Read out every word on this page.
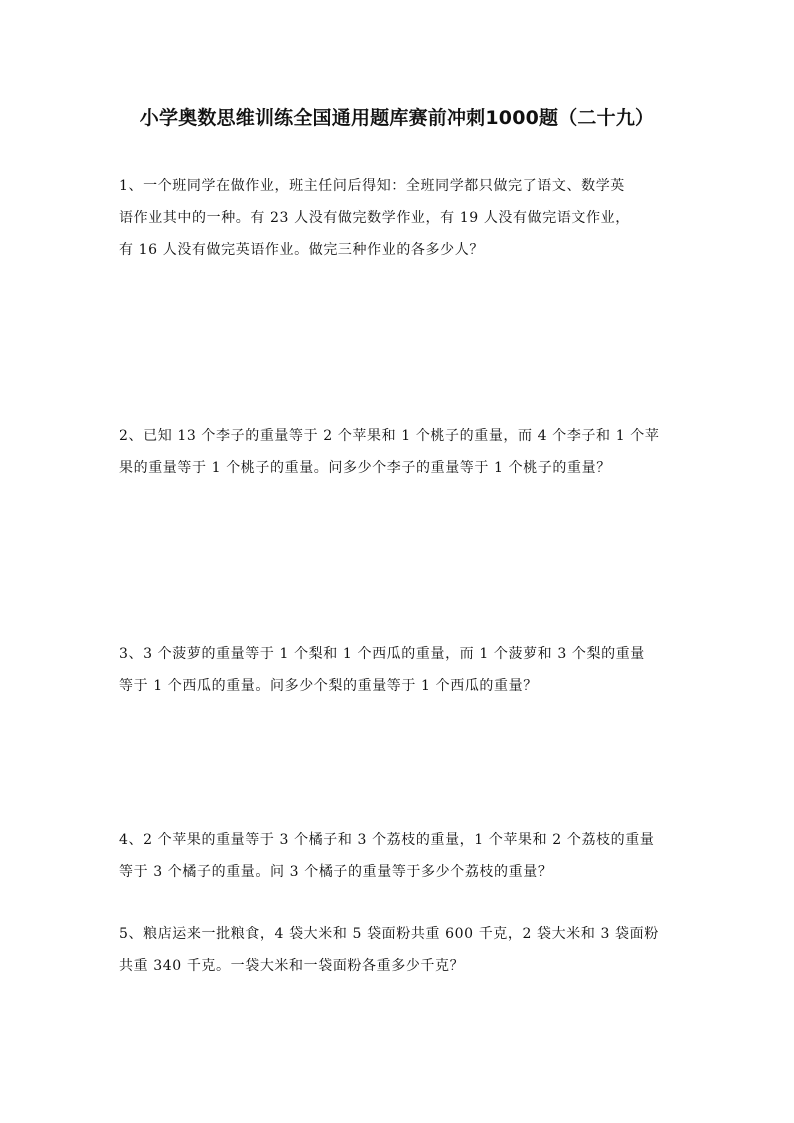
小学奥数思维训练全国通用题库赛前冲刺1000题（二十九）
1、一个班同学在做作业，班主任问后得知：全班同学都只做完了语文、数学英
语作业其中的一种。有 23 人没有做完数学作业，有 19 人没有做完语文作业，
有 16 人没有做完英语作业。做完三种作业的各多少人？
2、已知 13 个李子的重量等于 2 个苹果和 1 个桃子的重量，而 4 个李子和 1 个苹
果的重量等于 1 个桃子的重量。问多少个李子的重量等于 1 个桃子的重量？
3、3 个菠萝的重量等于 1 个梨和 1 个西瓜的重量，而 1 个菠萝和 3 个梨的重量
等于 1 个西瓜的重量。问多少个梨的重量等于 1 个西瓜的重量？
4、2 个苹果的重量等于 3 个橘子和 3 个荔枝的重量，1 个苹果和 2 个荔枝的重量
等于 3 个橘子的重量。问 3 个橘子的重量等于多少个荔枝的重量？
5、粮店运来一批粮食，4 袋大米和 5 袋面粉共重 600 千克，2 袋大米和 3 袋面粉
共重 340 千克。一袋大米和一袋面粉各重多少千克？
